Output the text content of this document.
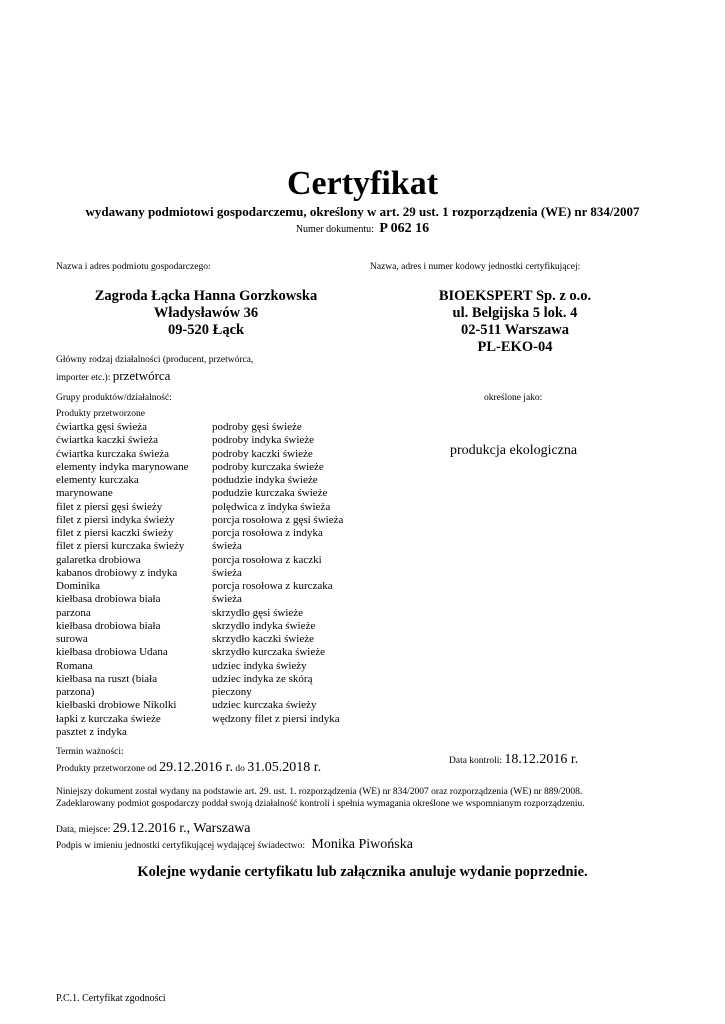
Certyfikat
wydawany podmiotowi gospodarczemu, określony w art. 29 ust. 1 rozporządzenia (WE) nr 834/2007
Numer dokumentu: P 062 16
Nazwa i adres podmiotu gospodarczego:	Nazwa, adres i numer kodowy jednostki certyfikującej:
Zagroda Łącka Hanna Gorzkowska
Władysławów 36
09-520 Łąck
BIOEKSPERT Sp. z o.o.
ul. Belgijska 5 lok. 4
02-511 Warszawa
PL-EKO-04
Główny rodzaj działalności (producent, przetwórca,
importer etc.): przetwórca
Grupy produktów/działalność:	określone jako:
Produkty przetworzone
ćwiartka gęsi świeża
ćwiartka kaczki świeża
ćwiartka kurczaka świeża
elementy indyka marynowane
elementy kurczaka
marynowane
filet z piersi gęsi świeży
filet z piersi indyka świeży
filet z piersi kaczki świeży
filet z piersi kurczaka świeży
galaretka drobiowa
kabanos drobiowy z indyka
Dominika
kiełbasa drobiowa biała
parzona
kiełbasa drobiowa biała
surowa
kiełbasa drobiowa Udana
Romana
kiełbasa na ruszt (biała
parzona)
kiełbaski drobiowe Nikolki
łapki z kurczaka świeże
pasztet z indyka
podroby gęsi świeże
podroby indyka świeże
podroby kaczki świeże
podroby kurczaka świeże
podudzie indyka świeże
podudzie kurczaka świeże
polędwica z indyka świeża
porcja rosołowa z gęsi świeża
porcja rosołowa z indyka
świeża
porcja rosołowa z kaczki
świeża
porcja rosołowa z kurczaka
świeża
skrzydło gęsi świeże
skrzydło indyka świeże
skrzydło kaczki świeże
skrzydło kurczaka świeże
udziec indyka świeży
udziec indyka ze skórą
pieczony
udziec kurczaka świeży
wędzony filet z piersi indyka
produkcja ekologiczna
Termin ważności:
Produkty przetworzone od 29.12.2016 r. do 31.05.2018 r.	Data kontroli: 18.12.2016 r.
Niniejszy dokument został wydany na podstawie art. 29. ust. 1. rozporządzenia (WE) nr 834/2007 oraz rozporządzenia (WE) nr 889/2008.
Zadeklarowany podmiot gospodarczy poddał swoją działalność kontroli i spełnia wymagania określone we wspomnianym rozporządzeniu.
Data, miejsce: 29.12.2016 r., Warszawa
Podpis w imieniu jednostki certyfikującej wydającej świadectwo: Monika Piwońska
Kolejne wydanie certyfikatu lub załącznika anuluje wydanie poprzednie.
P.C.1. Certyfikat zgodności
